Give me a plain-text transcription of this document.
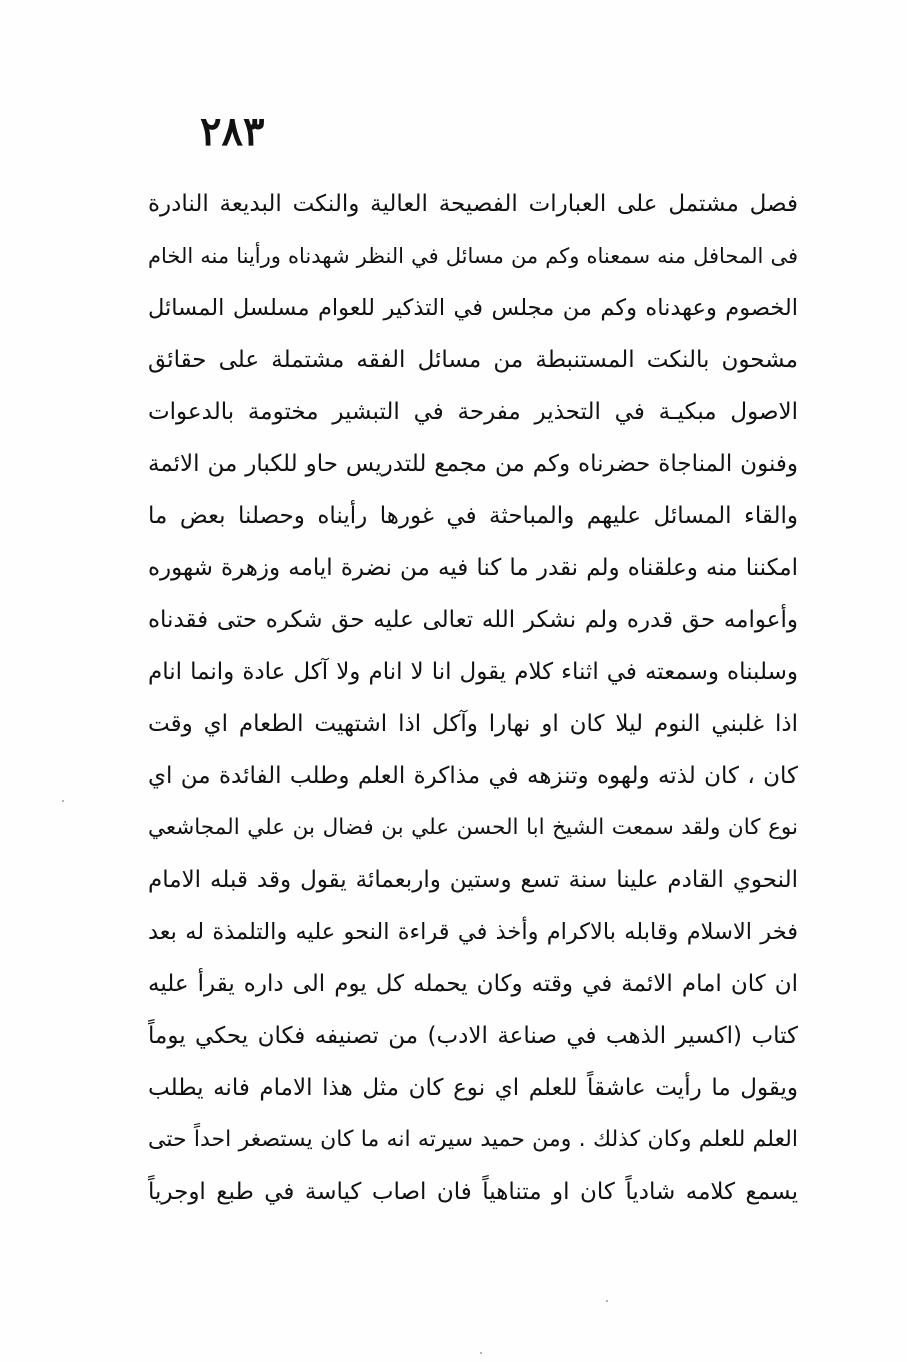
٢٨٣
فصل مشتمل على العبارات الفصيحة العالية والنكت البديعة النادرة
فى المحافل منه سمعناه وكم من مسائل في النظر شهدناه ورأينا منه الخام
الخصوم وعهدناه وكم من مجلس في التذكير للعوام مسلسل المسائل
مشحون بالنكت المستنبطة من مسائل الفقه مشتملة على حقائق
الاصول مبكيـة في التحذير مفرحة في التبشير مختومة بالدعوات
وفنون المناجاة حضرناه وكم من مجمع للتدريس حاو للكبار من الائمة
والقاء المسائل عليهم والمباحثة في غورها رأيناه وحصلنا بعض ما
امكننا منه وعلقناه ولم نقدر ما كنا فيه من نضرة ايامه وزهرة شهوره
وأعوامه حق قدره ولم نشكر الله تعالى عليه حق شكره حتى فقدناه
وسلبناه وسمعته في اثناء كلام يقول انا لا انام ولا آكل عادة وانما انام
اذا غلبني النوم ليلا كان او نهارا وآكل اذا اشتهيت الطعام اي وقت
كان ، كان لذته ولهوه وتنزهه في مذاكرة العلم وطلب الفائدة من اي
نوع كان ولقد سمعت الشيخ ابا الحسن علي بن فضال بن علي المجاشعي
النحوي القادم علينا سنة تسع وستين واربعمائة يقول وقد قبله الامام
فخر الاسلام وقابله بالاكرام وأخذ في قراءة النحو عليه والتلمذة له بعد
ان كان امام الائمة في وقته وكان يحمله كل يوم الى داره يقرأ عليه
كتاب (اكسير الذهب في صناعة الادب) من تصنيفه فكان يحكي يوماً
ويقول ما رأيت عاشقاً للعلم اي نوع كان مثل هذا الامام فانه يطلب
العلم للعلم وكان كذلك . ومن حميد سيرته انه ما كان يستصغر احداً حتى
يسمع كلامه شادياً كان او متناهياً فان اصاب كياسة في طبع اوجرياً
